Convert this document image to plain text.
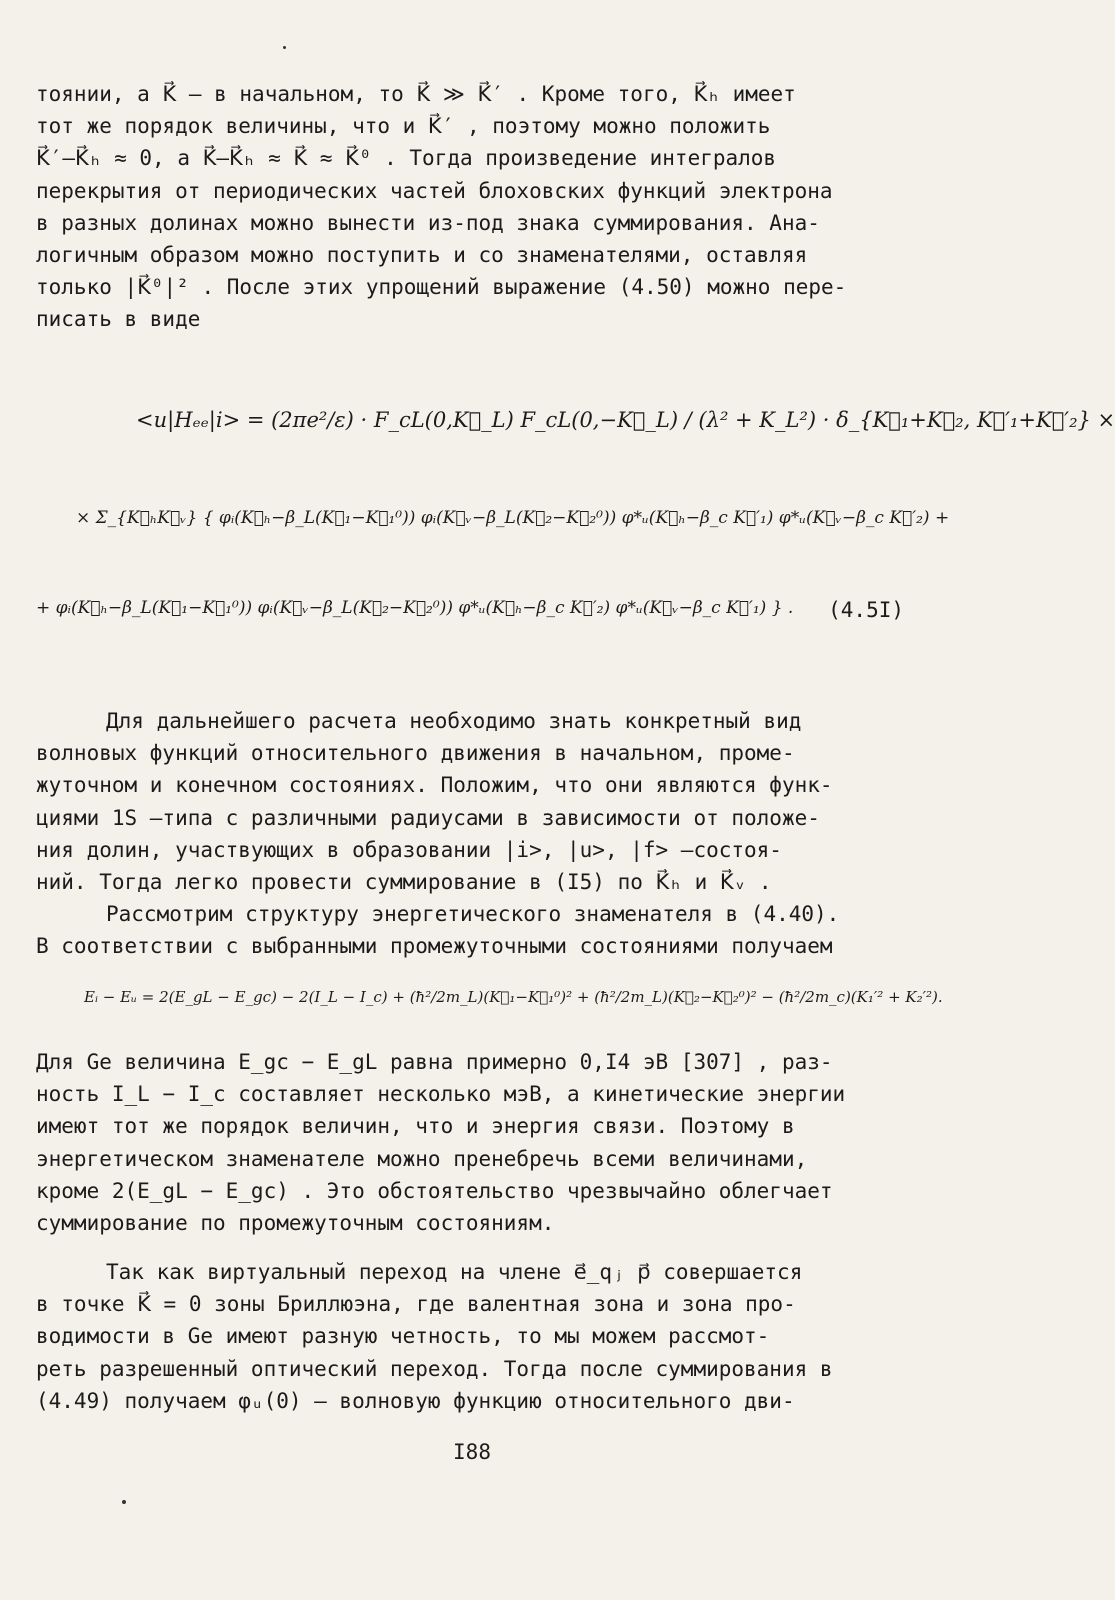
тоянии, а K⃗ – в начальном, то K⃗ ≫ K⃗′ . Кроме того, K⃗ₕ имеет

тот же порядок величины, что и K⃗′ , поэтому можно положить

K⃗′–K⃗ₕ ≈ 0, а K⃗–K⃗ₕ ≈ K⃗ ≈ K⃗⁰ . Тогда произведение интегралов

перекрытия от периодических частей блоховских функций электрона

в разных долинах можно вынести из-под знака суммирования. Ана-

логичным образом можно поступить и со знаменателями, оставляя

только |K⃗⁰|² . После этих упрощений выражение (4.50) можно пере-

писать в виде

<u|Hₑₑ|i> = (2πe²/ε) · F_cL(0,K⃗_L) F_cL(0,−K⃗_L) / (λ² + K_L²) · δ_{K⃗₁+K⃗₂, K⃗′₁+K⃗′₂} ×
× Σ_{K⃗ₕK⃗ᵥ} { φᵢ(K⃗ₕ−β_L(K⃗₁−K⃗₁⁰)) φᵢ(K⃗ᵥ−β_L(K⃗₂−K⃗₂⁰)) φ*ᵤ(K⃗ₕ−β_c K⃗′₁) φ*ᵤ(K⃗ᵥ−β_c K⃗′₂) +
+ φᵢ(K⃗ₕ−β_L(K⃗₁−K⃗₁⁰)) φᵢ(K⃗ᵥ−β_L(K⃗₂−K⃗₂⁰)) φ*ᵤ(K⃗ₕ−β_c K⃗′₂) φ*ᵤ(K⃗ᵥ−β_c K⃗′₁) } . (4.5I)

Для дальнейшего расчета необходимо знать конкретный вид

волновых функций относительного движения в начальном, проме-

жуточном и конечном состояниях. Положим, что они являются функ-

циями 1S –типа с различными радиусами в зависимости от положе-

ния долин, участвующих в образовании |i>, |u>, |f> –состоя-

ний. Тогда легко провести суммирование в (I5) по K⃗ₕ и K⃗ᵥ .

Рассмотрим структуру энергетического знаменателя в (4.40).

В соответствии с выбранными промежуточными состояниями получаем

Eᵢ − Eᵤ = 2(E_gL − E_gc) − 2(I_L − I_c) + (ħ²/2m_L)(K⃗₁−K⃗₁⁰)² + (ħ²/2m_L)(K⃗₂−K⃗₂⁰)² − (ħ²/2m_c)(K₁′² + K₂′²).

Для Ge величина E_gc − E_gL равна примерно 0,I4 эВ [307] , раз-

ность I_L − I_c составляет несколько мэВ, а кинетические энергии

имеют тот же порядок величин, что и энергия связи. Поэтому в

энергетическом знаменателе можно пренебречь всеми величинами,

кроме 2(E_gL − E_gc) . Это обстоятельство чрезвычайно облегчает

суммирование по промежуточным состояниям.

Так как виртуальный переход на члене e⃗_qⱼ p⃗ совершается

в точке K⃗ = 0 зоны Бриллюэна, где валентная зона и зона про-

водимости в Ge имеют разную четность, то мы можем рассмот-

реть разрешенный оптический переход. Тогда после суммирования в

(4.49) получаем φᵤ(0) – волновую функцию относительного дви-

I88
